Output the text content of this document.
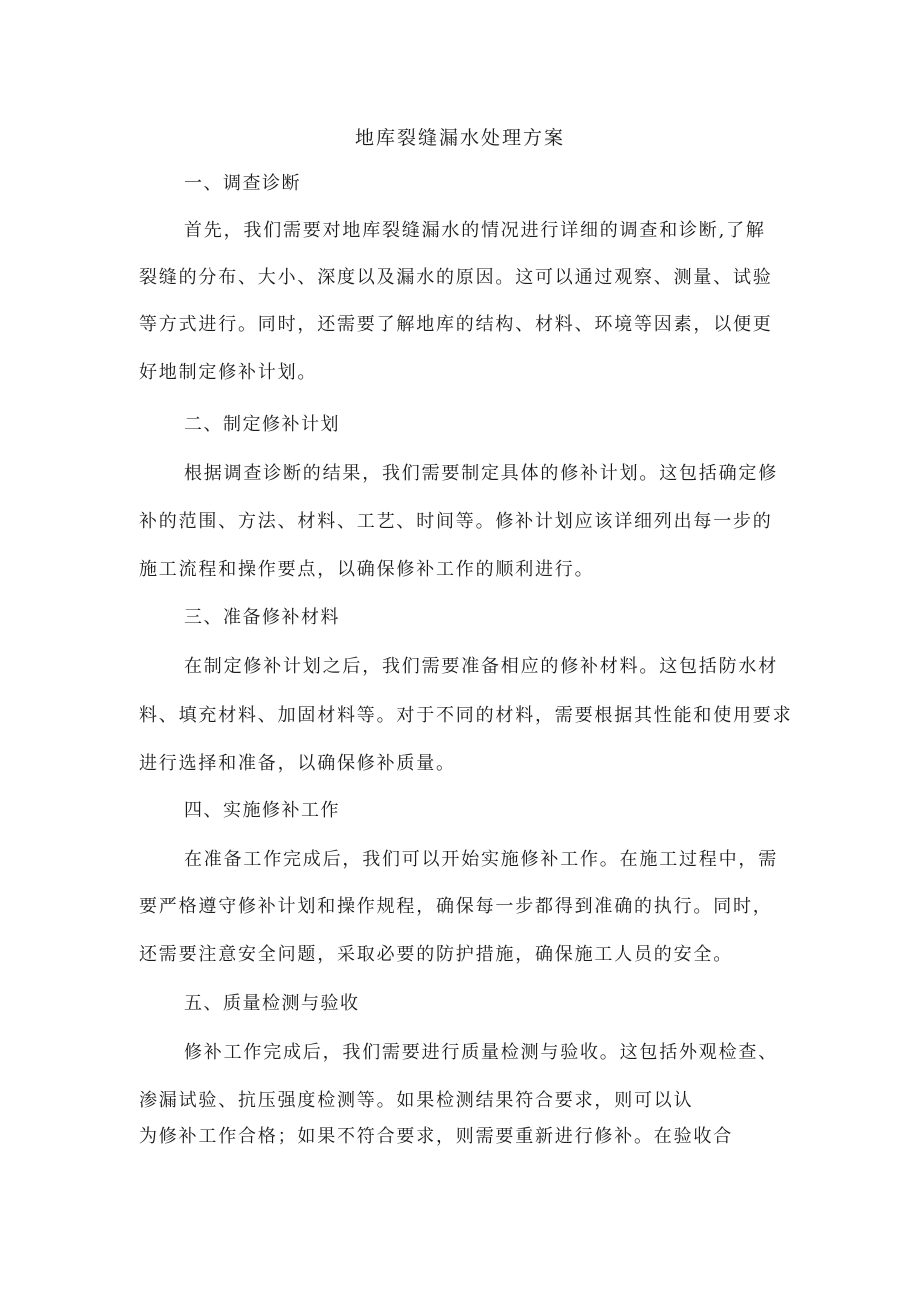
地库裂缝漏水处理方案
一、调查诊断
首先，我们需要对地库裂缝漏水的情况进行详细的调查和诊断,了解
裂缝的分布、大小、深度以及漏水的原因。这可以通过观察、测量、试验
等方式进行。同时，还需要了解地库的结构、材料、环境等因素，以便更
好地制定修补计划。
二、制定修补计划
根据调查诊断的结果，我们需要制定具体的修补计划。这包括确定修
补的范围、方法、材料、工艺、时间等。修补计划应该详细列出每一步的
施工流程和操作要点，以确保修补工作的顺利进行。
三、准备修补材料
在制定修补计划之后，我们需要准备相应的修补材料。这包括防水材
料、填充材料、加固材料等。对于不同的材料，需要根据其性能和使用要求
进行选择和准备，以确保修补质量。
四、实施修补工作
在准备工作完成后，我们可以开始实施修补工作。在施工过程中，需
要严格遵守修补计划和操作规程，确保每一步都得到准确的执行。同时，
还需要注意安全问题，采取必要的防护措施，确保施工人员的安全。
五、质量检测与验收
修补工作完成后，我们需要进行质量检测与验收。这包括外观检查、
渗漏试验、抗压强度检测等。如果检测结果符合要求，则可以认
为修补工作合格；如果不符合要求，则需要重新进行修补。在验收合
